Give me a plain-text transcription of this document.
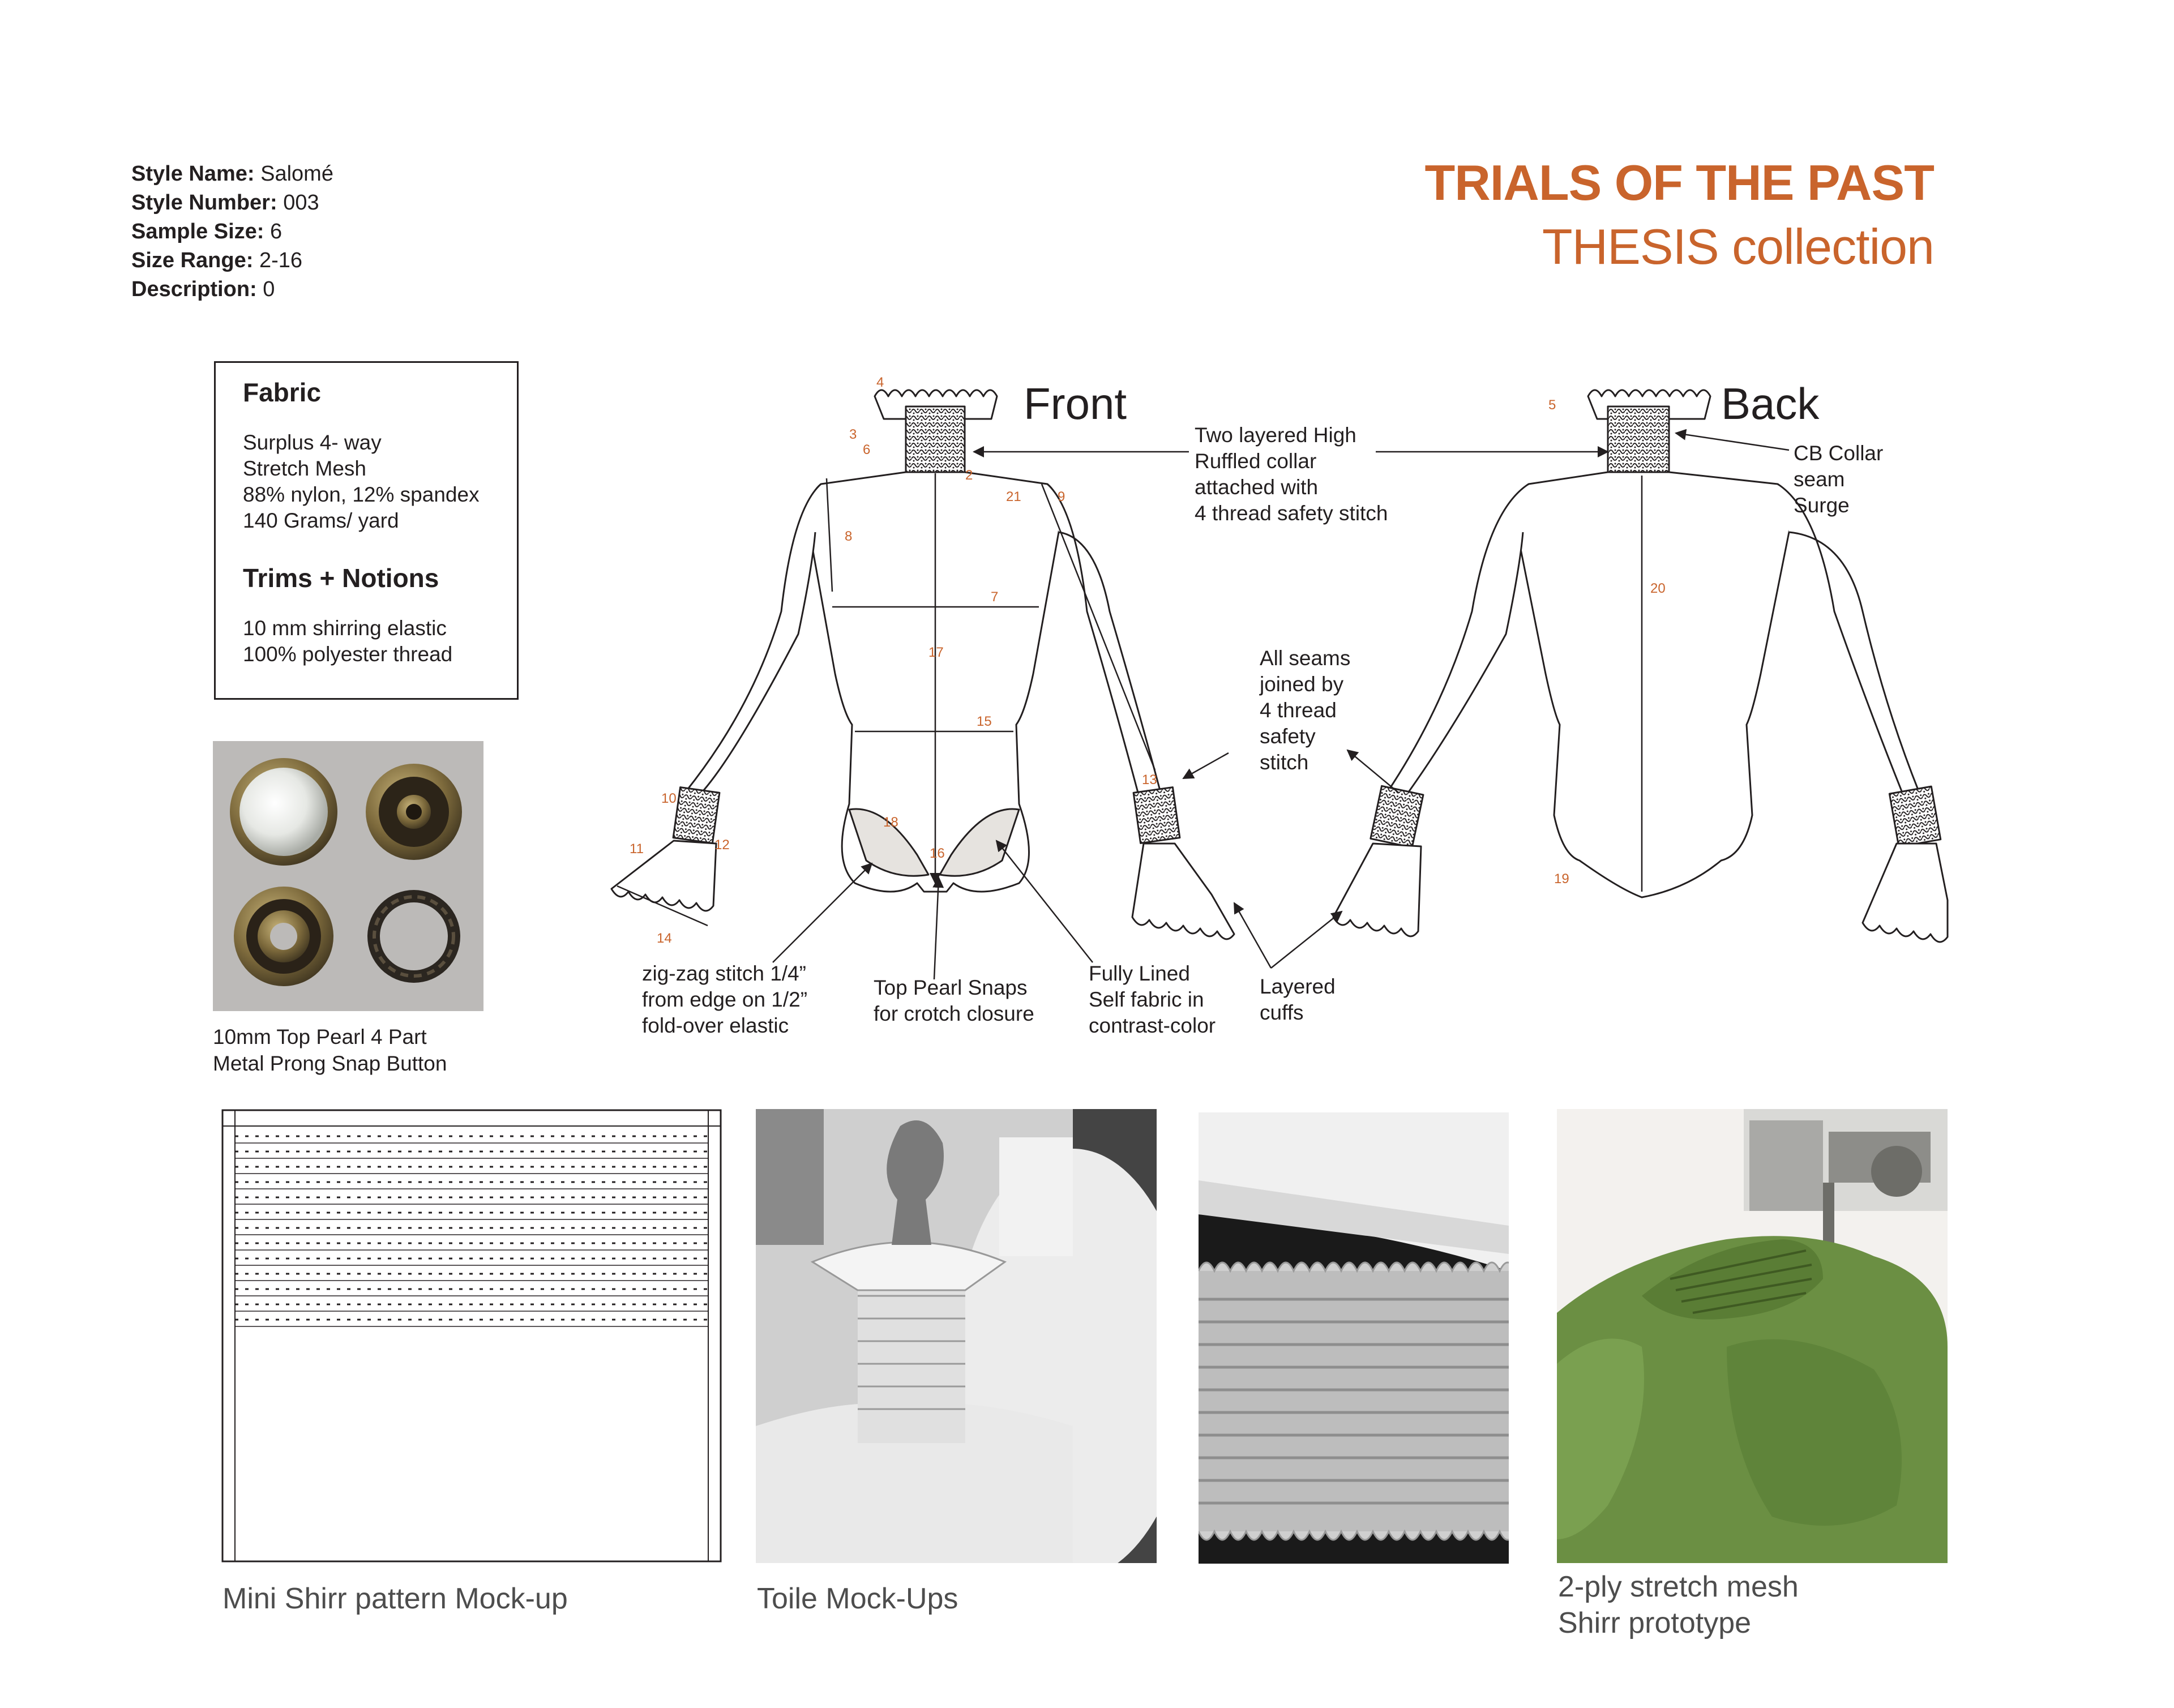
Style Name: Salomé
Style Number: 003
Sample Size: 6
Size Range: 2-16
Description: 0
TRIALS OF THE PAST
THESIS collection
Fabric
Surplus 4- way
Stretch Mesh
88% nylon, 12% spandex
140 Grams/ yard
Trims + Notions
10 mm shirring elastic
100% polyester thread
10mm Top Pearl 4 Part
Metal Prong Snap Button
Front	Back
4
3
6
2
21	9
8
7
17
15
10
11	12
13
14
18
16
5
20
19
Two layered High
Ruffled collar
attached with
4 thread safety stitch
CB Collar
seam
Surge
All seams
joined by
4 thread
safety
stitch
zig-zag stitch 1/4”
from edge on 1/2”
fold-over elastic
Top Pearl Snaps
for crotch closure
Fully Lined
Self fabric in
contrast-color
Layered
cuffs
Mini Shirr pattern Mock-up	Toile Mock-Ups	2-ply stretch mesh
Shirr prototype
